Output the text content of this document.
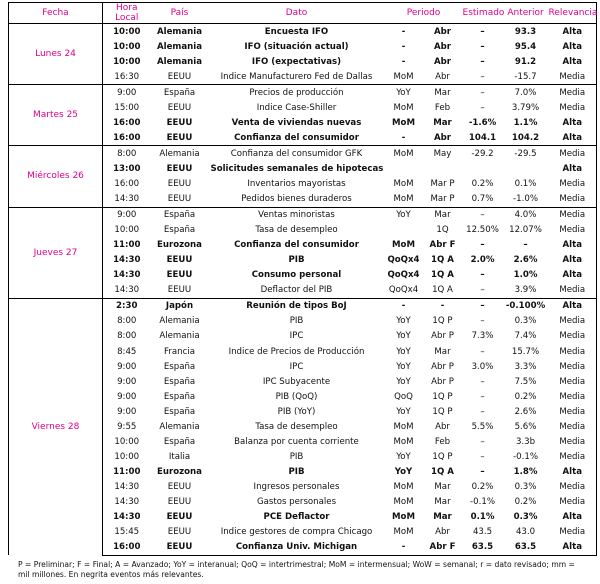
Fecha	Hora Local	País	Dato	Periodo		Estimado	Anterior	Relevancia
Lunes 24	10:00	Alemania	Encuesta IFO	-	Abr	–	93.3	Alta
	10:00	Alemania	IFO (situación actual)	-	Abr	–	95.4	Alta
	10:00	Alemania	IFO (expectativas)	-	Abr	–	91.2	Alta
	16:30	EEUU	Indice Manufacturero Fed de Dallas	MoM	Abr	–	-15.7	Media
Martes 25	9:00	España	Precios de producción	YoY	Mar	–	7.0%	Media
	15:00	EEUU	Indice Case-Shiller	MoM	Feb	–	3.79%	Media
	16:00	EEUU	Venta de viviendas nuevas	MoM	Mar	-1.6%	1.1%	Alta
	16:00	EEUU	Confianza del consumidor	-	Abr	104.1	104.2	Alta
Miércoles 26	8:00	Alemania	Confianza del consumidor GFK	MoM	May	-29.2	-29.5	Media
	13:00	EEUU	Solicitudes semanales de hipotecas					Alta
	16:00	EEUU	Inventarios mayoristas	MoM	Mar P	0.2%	0.1%	Media
	14:30	EEUU	Pedidos bienes duraderos	MoM	Mar P	0.7%	-1.0%	Media
Jueves 27	9:00	España	Ventas minoristas	YoY	Mar	–	4.0%	Media
	10:00	España	Tasa de desempleo		1Q	12.50%	12.07%	Media
	11:00	Eurozona	Confianza del consumidor	MoM	Abr F	–	–	Alta
	14:30	EEUU	PIB	QoQx4	1Q A	2.0%	2.6%	Alta
	14:30	EEUU	Consumo personal	QoQx4	1Q A	–	1.0%	Alta
	14:30	EEUU	Deflactor del PIB	QoQx4	1Q A	–	3.9%	Media
Viernes 28	2:30	Japón	Reunión de tipos BoJ	-	-	–	-0.100%	Alta
	8:00	Alemania	PIB	YoY	1Q P	–	0.3%	Media
	8:00	Alemania	IPC	YoY	Abr P	7.3%	7.4%	Media
	8:45	Francia	Indice de Precios de Producción	YoY	Mar	–	15.7%	Media
	9:00	España	IPC	YoY	Abr P	3.0%	3.3%	Media
	9:00	España	IPC Subyacente	YoY	Abr P	–	7.5%	Media
	9:00	España	PIB (QoQ)	QoQ	1Q P	–	0.2%	Media
	9:00	España	PIB (YoY)	YoY	1Q P	–	2.6%	Media
	9:55	Alemania	Tasa de desempleo	MoM	Abr	5.5%	5.6%	Media
	10:00	España	Balanza por cuenta corriente	MoM	Feb	–	3.3b	Media
	10:00	Italia	PIB	YoY	1Q P	–	-0.1%	Media
	11:00	Eurozona	PIB	YoY	1Q A	–	1.8%	Alta
	14:30	EEUU	Ingresos personales	MoM	Mar	0.2%	0.3%	Media
	14:30	EEUU	Gastos personales	MoM	Mar	-0.1%	0.2%	Media
	14:30	EEUU	PCE Deflactor	MoM	Mar	0.1%	0.3%	Alta
	15:45	EEUU	Indice gestores de compra Chicago	MoM	Abr	43.5	43.0	Media
	16:00	EEUU	Confianza Univ. Michigan	-	Abr F	63.5	63.5	Alta
P = Preliminar; F = Final; A = Avanzado; YoY = interanual; QoQ = intertrimestral; MoM = intermensual; WoW = semanal; r = dato revisado; mm = mil millones. En negrita eventos más relevantes.
